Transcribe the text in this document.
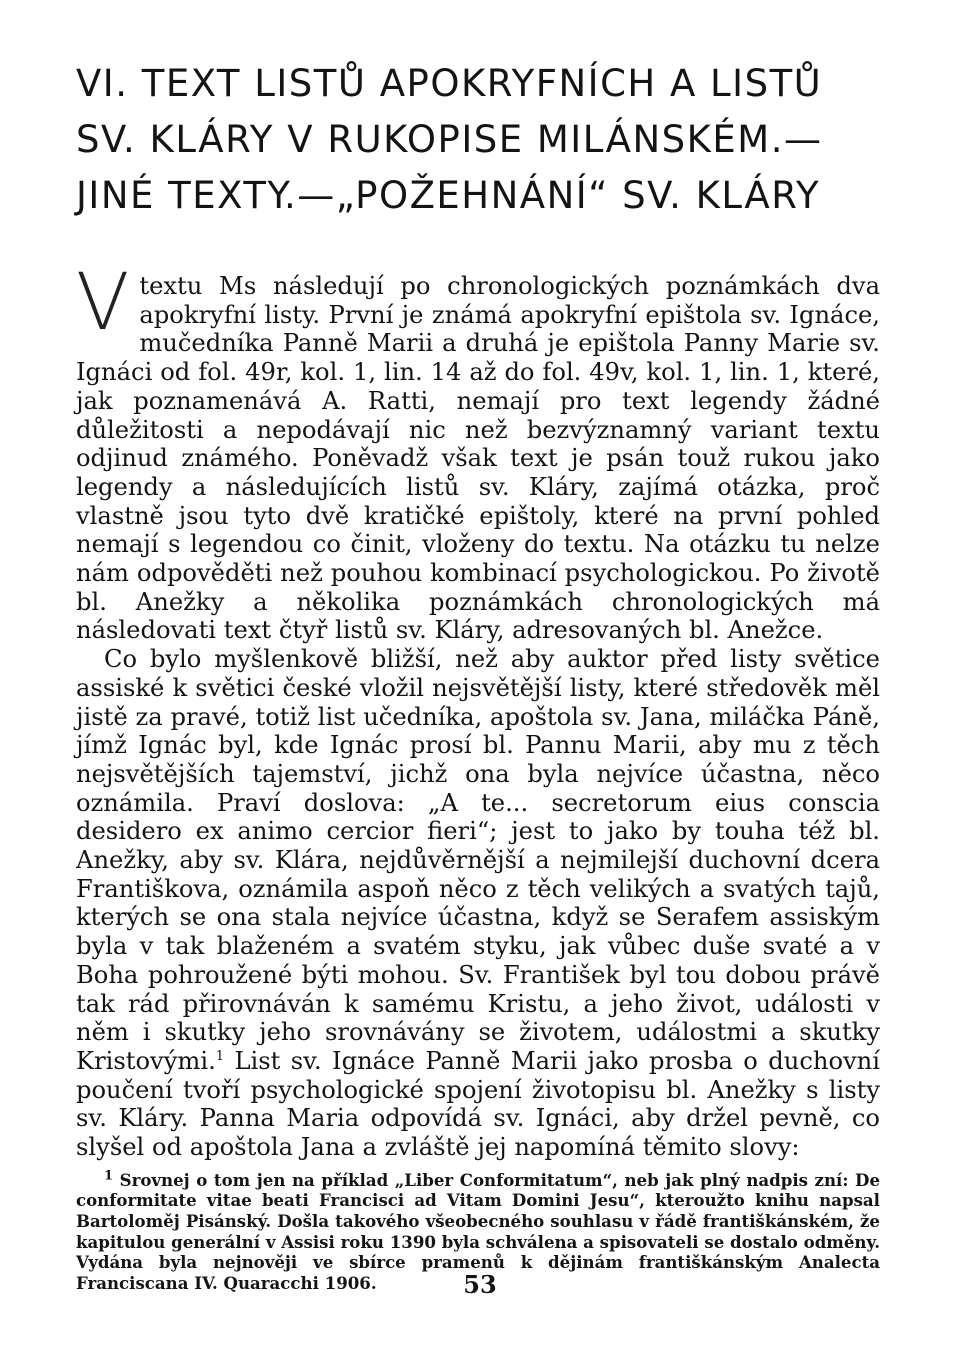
VI. TEXT LISTŮ APOKRYFNÍCH A LISTŮ
SV. KLÁRY V RUKOPISE MILÁNSKÉM.—
JINÉ TEXTY.—„POŽEHNÁNÍ“ SV. KLÁRY

Vtextu Ms následují po chronologických poznámkách dva apokryfní listy. První je známá apokryfní epištola sv. Ignáce, mučedníka Panně Marii a druhá je epištola Panny Marie sv. Ignáci od fol. 49r, kol. 1, lin. 14 až do fol. 49v, kol. 1, lin. 1, které, jak poznamenává A. Ratti, nemají pro text legendy žádné důležitosti a nepodávají nic než bezvýznamný variant textu odjinud známého. Poněvadž však text je psán touž rukou jako legendy a následujících listů sv. Kláry, zajímá otázka, proč vlastně jsou tyto dvě kratičké epištoly, které na první pohled nemají s legendou co činit, vloženy do textu. Na otázku tu nelze nám odpověděti než pouhou kombinací psychologickou. Po životě bl. Anežky a několika poznámkách chronologických má následovati text čtyř listů sv. Kláry, adresovaných bl. Anežce.

Co bylo myšlenkově bližší, než aby auktor před listy světice assiské k světici české vložil nejsvětější listy, které středověk měl jistě za pravé, totiž list učedníka, apoštola sv. Jana, miláčka Páně, jímž Ignác byl, kde Ignác prosí bl. Pannu Marii, aby mu z těch nejsvětějších tajemství, jichž ona byla nejvíce účastna, něco oznámila. Praví doslova: „A te... secretorum eius conscia desidero ex animo cercior fieri“; jest to jako by touha též bl. Anežky, aby sv. Klára, nejdůvěrnější a nejmilejší duchovní dcera Františkova, oznámila aspoň něco z těch velikých a svatých tajů, kterých se ona stala nejvíce účastna, když se Serafem assiským byla v tak blaženém a svatém styku, jak vůbec duše svaté a v Boha pohroužené býti mohou. Sv. František byl tou dobou právě tak rád přirovnáván k samému Kristu, a jeho život, události v něm i skutky jeho srovnávány se životem, událostmi a skutky Kristovými.$^1$ List sv. Ignáce Panně Marii jako prosba o duchovní poučení tvoří psychologické spojení životopisu bl. Anežky s listy sv. Kláry. Panna Maria odpovídá sv. Ignáci, aby držel pevně, co slyšel od apoštola Jana a zvláště jej napomíná těmito slovy:

$^1$ Srovnej o tom jen na příklad „Liber Conformitatum“, neb jak plný nadpis zní: De conformitate vitae beati Francisci ad Vitam Domini Jesu“, kteroužto knihu napsal Bartoloměj Pisánský. Došla takového všeobecného souhlasu v řádě františkánském, že kapitulou generální v Assisi roku 1390 byla schválena a spisovateli se dostalo odměny. Vydána byla nejnověji ve sbírce pramenů k dějinám františkánským Analecta Franciscana IV. Quaracchi 1906.	53
